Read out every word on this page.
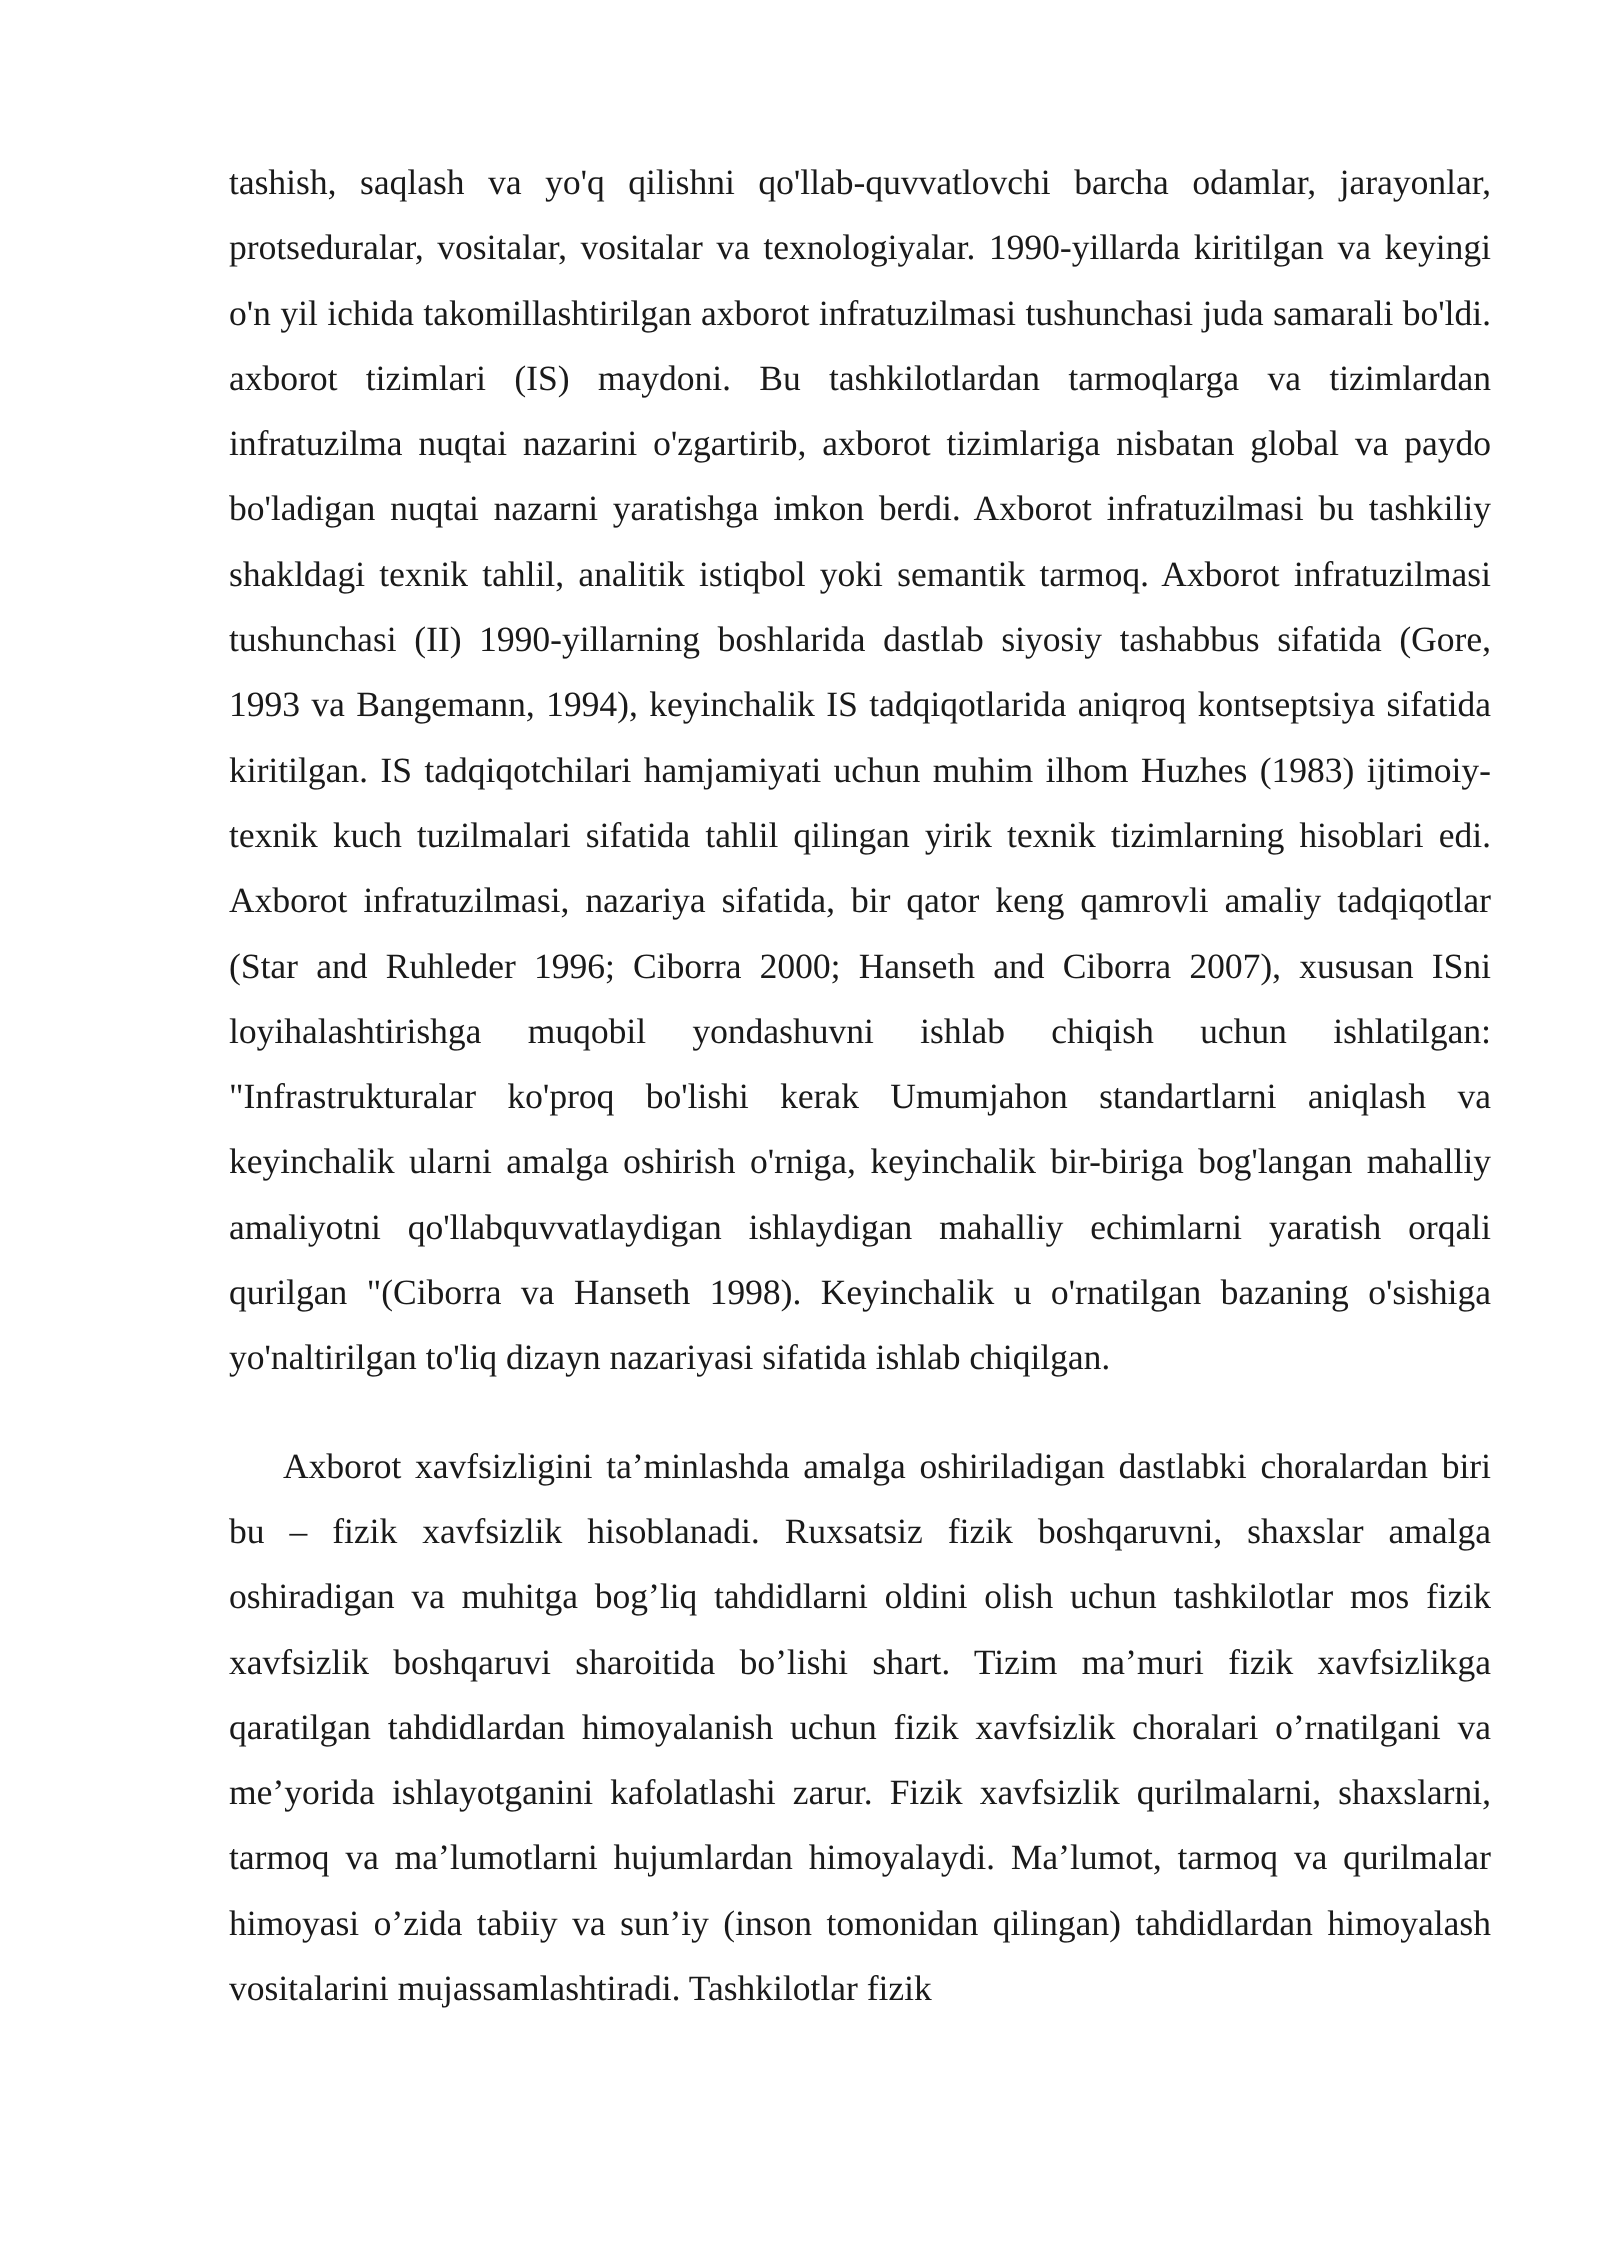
tashish, saqlash va yo'q qilishni qo'llab-quvvatlovchi barcha odamlar, jarayonlar, protseduralar, vositalar, vositalar va texnologiyalar. 1990-yillarda kiritilgan va keyingi o'n yil ichida takomillashtirilgan axborot infratuzilmasi tushunchasi juda samarali bo'ldi. axborot tizimlari (IS) maydoni. Bu tashkilotlardan tarmoqlarga va tizimlardan infratuzilma nuqtai nazarini o'zgartirib, axborot tizimlariga nisbatan global va paydo bo'ladigan nuqtai nazarni yaratishga imkon berdi. Axborot infratuzilmasi bu tashkiliy shakldagi texnik tahlil, analitik istiqbol yoki semantik tarmoq. Axborot infratuzilmasi tushunchasi (II) 1990-yillarning boshlarida dastlab siyosiy tashabbus sifatida (Gore, 1993 va Bangemann, 1994), keyinchalik IS tadqiqotlarida aniqroq kontseptsiya sifatida kiritilgan. IS tadqiqotchilari hamjamiyati uchun muhim ilhom Huzhes (1983) ijtimoiy-texnik kuch tuzilmalari sifatida tahlil qilingan yirik texnik tizimlarning hisoblari edi. Axborot infratuzilmasi, nazariya sifatida, bir qator keng qamrovli amaliy tadqiqotlar (Star and Ruhleder 1996; Ciborra 2000; Hanseth and Ciborra 2007), xususan ISni loyihalashtirishga muqobil yondashuvni ishlab chiqish uchun ishlatilgan: "Infrastrukturalar ko'proq bo'lishi kerak Umumjahon standartlarni aniqlash va keyinchalik ularni amalga oshirish o'rniga, keyinchalik bir-biriga bog'langan mahalliy amaliyotni qo'llabquvvatlaydigan ishlaydigan mahalliy echimlarni yaratish orqali qurilgan "(Ciborra va Hanseth 1998). Keyinchalik u o'rnatilgan bazaning o'sishiga yo'naltirilgan to'liq dizayn nazariyasi sifatida ishlab chiqilgan.

Axborot xavfsizligini ta’minlashda amalga oshiriladigan dastlabki choralardan biri bu – fizik xavfsizlik hisoblanadi. Ruxsatsiz fizik boshqaruvni, shaxslar amalga oshiradigan va muhitga bog’liq tahdidlarni oldini olish uchun tashkilotlar mos fizik xavfsizlik boshqaruvi sharoitida bo’lishi shart. Tizim ma’muri fizik xavfsizlikga qaratilgan tahdidlardan himoyalanish uchun fizik xavfsizlik choralari o’rnatilgani va me’yorida ishlayotganini kafolatlashi zarur. Fizik xavfsizlik qurilmalarni, shaxslarni, tarmoq va ma’lumotlarni hujumlardan himoyalaydi. Ma’lumot, tarmoq va qurilmalar himoyasi o’zida tabiiy va sun’iy (inson tomonidan qilingan) tahdidlardan himoyalash vositalarini mujassamlashtiradi. Tashkilotlar fizik
